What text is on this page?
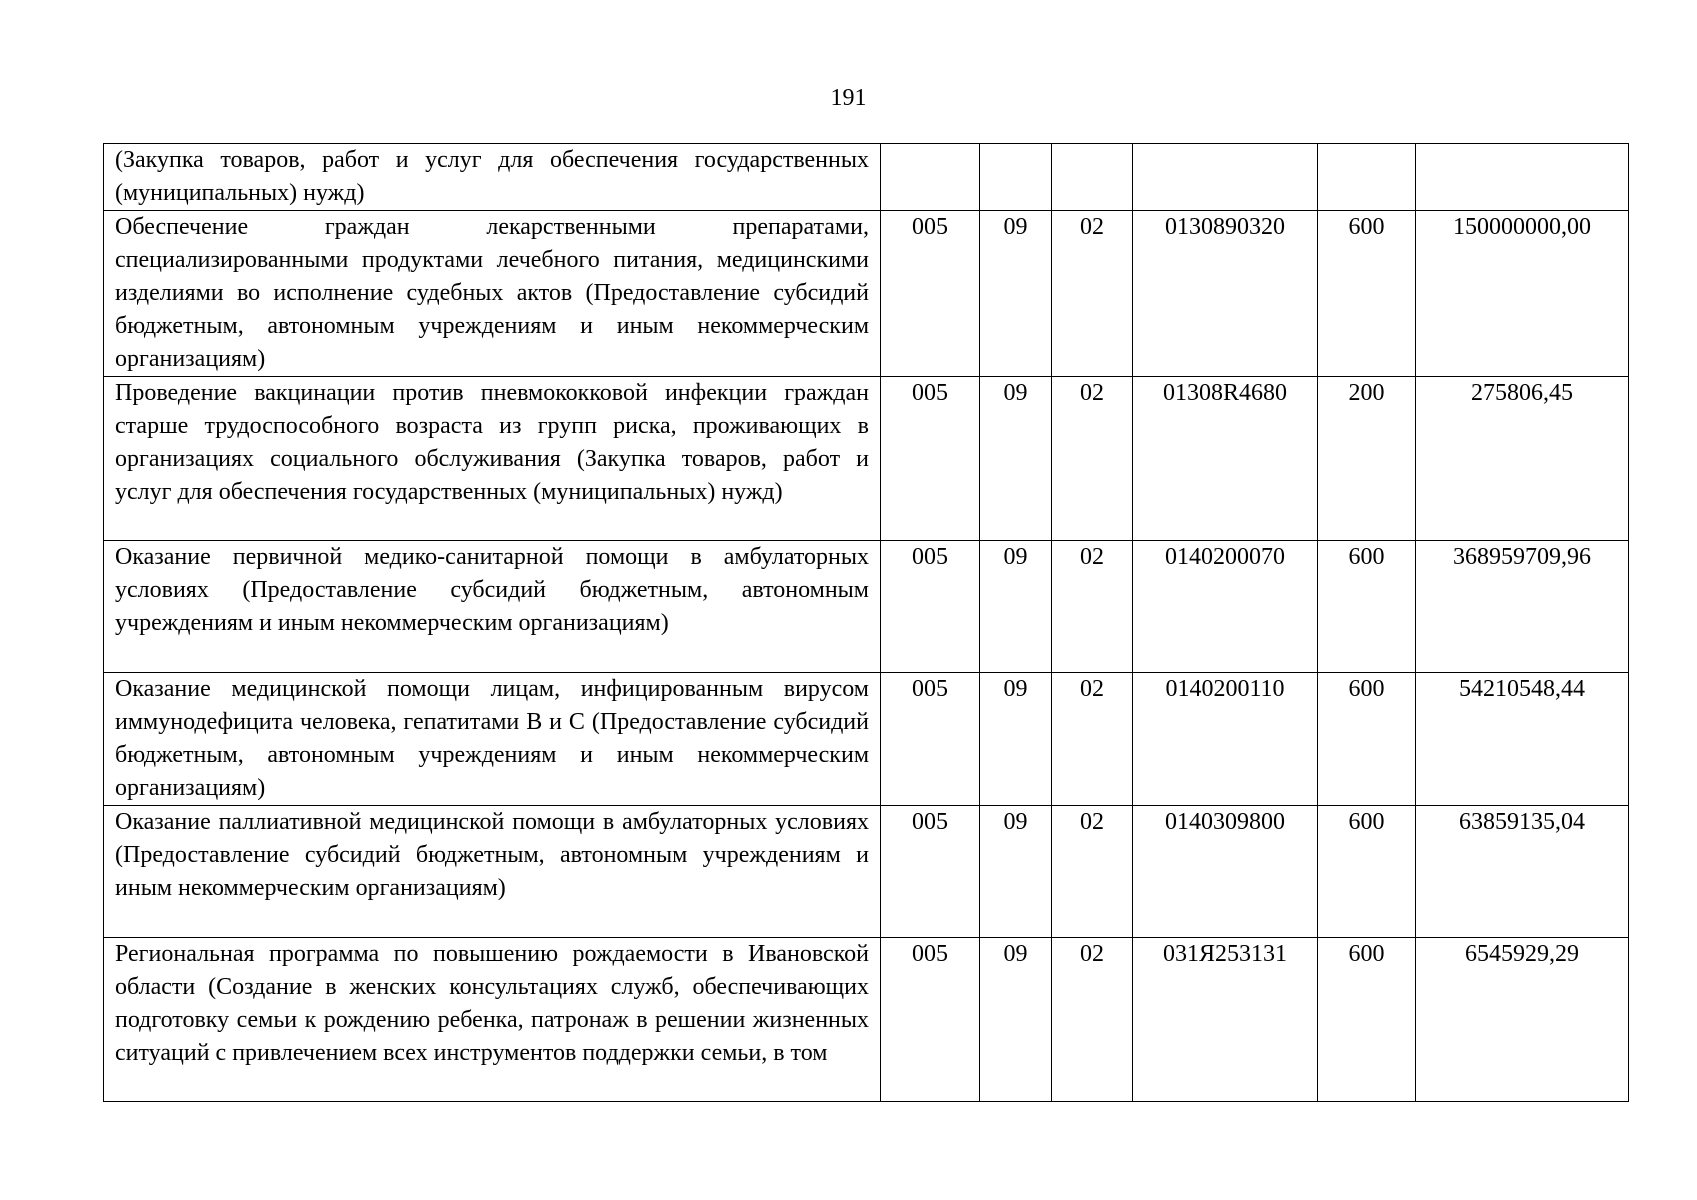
191
(Закупка товаров, работ и услуг для обеспечения государственных (муниципальных) нужд)						
Обеспечение граждан лекарственными препаратами, специализированными продуктами лечебного питания, медицинскими изделиями во исполнение судебных актов (Предоставление субсидий бюджетным, автономным учреждениям и иным некоммерческим организациям)	005	09	02	0130890320	600	150000000,00
Проведение вакцинации против пневмококковой инфекции граждан старше трудоспособного возраста из групп риска, проживающих в организациях социального обслуживания (Закупка товаров, работ и услуг для обеспечения государственных (муниципальных) нужд)	005	09	02	01308R4680	200	275806,45
Оказание первичной медико-санитарной помощи в амбулаторных условиях (Предоставление субсидий бюджетным, автономным учреждениям и иным некоммерческим организациям)	005	09	02	0140200070	600	368959709,96
Оказание медицинской помощи лицам, инфицированным вирусом иммунодефицита человека, гепатитами B и C (Предоставление субсидий бюджетным, автономным учреждениям и иным некоммерческим организациям)	005	09	02	0140200110	600	54210548,44
Оказание паллиативной медицинской помощи в амбулаторных условиях (Предоставление субсидий бюджетным, автономным учреждениям и иным некоммерческим организациям)	005	09	02	0140309800	600	63859135,04
Региональная программа по повышению рождаемости в Ивановской области (Создание в женских консультациях служб, обеспечивающих подготовку семьи к рождению ребенка, патронаж в решении жизненных ситуаций с привлечением всех инструментов поддержки семьи, в том	005	09	02	031Я253131	600	6545929,29
